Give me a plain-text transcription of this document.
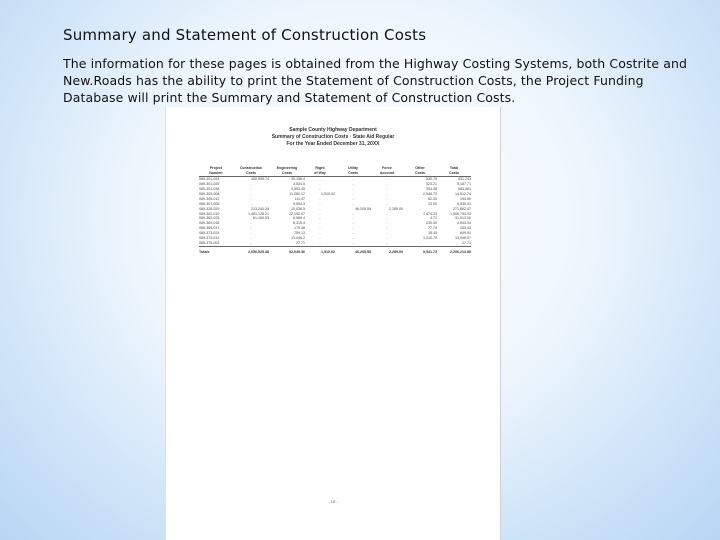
Summary and Statement of Construction Costs
The information for these pages is obtained from the Highway Costing Systems, both Costrite and New.Roads has the ability to print the Statement of Construction Costs, the Project Funding Database will print the Summary and Statement of Construction Costs.
Sample County Highway Department
Summary of Construction Costs · State Aid Regular
For the Year Ended December 31, 20XX
Project	Construction	Engineering	Right	Utility	Force	Other	Total
Number	Costs	Costs	of Way	Costs	Account	Costs	Costs
089-301-024	400,555.74	30,156.4	-	-	-	530.75	431,243
089-301-029	-	3,534.5	-	-	-	523.21	5,187.71
089-301-038	-	3,593.45	-	-	-	354.38	483,461
089-303-008	-	11,260.17	1,510.02	-	-	2,546.73	14,512.74
089-305-012	-	111.47	-	-	-	82.43	194.90
089-307-005	-	9,904.3	-	-	-	23.00	9,930.31
089-328-029	213,240.34	10,038.5	-	46,205.55	2,285.00	-	271,662.47
089-362-019	1,481,128.21	22,192.07	-	-	-	1,474.23	1,506,794.93
089-362-025	61,160.53	6,969.4	-	-	-	4.71	31,013.00
089-369-016	-	8,315.4	-	-	-	230.49	4,543.34
089-369-017	-	179.48	-	-	-	77.79	253.43
089-373-024	-	759.13	-	-	-	18.45	849.91
089-373-012	-	13,446.2	-	-	-	1,210.70	13,946.07
089-375-003	-	27.71	-	-	-	-	27.71

Totals	2,056,525.48	92,049.36	1,510.02	46,205.55	2,285.00	9,541.73	2,206,213.85
- 15 -
